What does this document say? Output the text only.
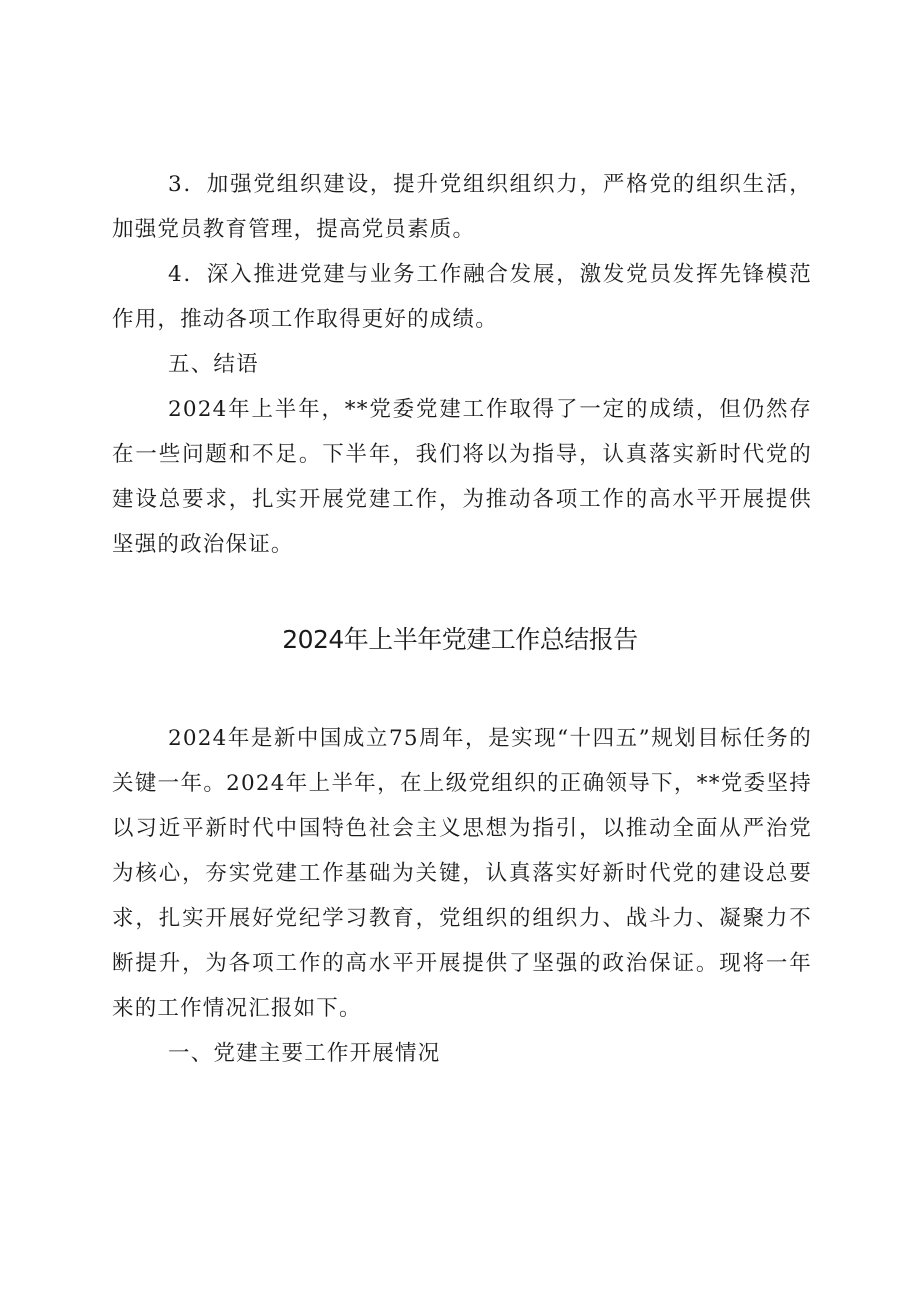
3．加强党组织建设，提升党组织组织力，严格党的组织生活，加强党员教育管理，提高党员素质。

4．深入推进党建与业务工作融合发展，激发党员发挥先锋模范作用，推动各项工作取得更好的成绩。

五、结语

2024年上半年，**党委党建工作取得了一定的成绩，但仍然存在一些问题和不足。下半年，我们将以为指导，认真落实新时代党的建设总要求，扎实开展党建工作，为推动各项工作的高水平开展提供坚强的政治保证。

2024年上半年党建工作总结报告

2024年是新中国成立75周年，是实现“十四五”规划目标任务的关键一年。2024年上半年，在上级党组织的正确领导下，**党委坚持以习近平新时代中国特色社会主义思想为指引，以推动全面从严治党为核心，夯实党建工作基础为关键，认真落实好新时代党的建设总要求，扎实开展好党纪学习教育，党组织的组织力、战斗力、凝聚力不断提升，为各项工作的高水平开展提供了坚强的政治保证。现将一年来的工作情况汇报如下。

一、党建主要工作开展情况
